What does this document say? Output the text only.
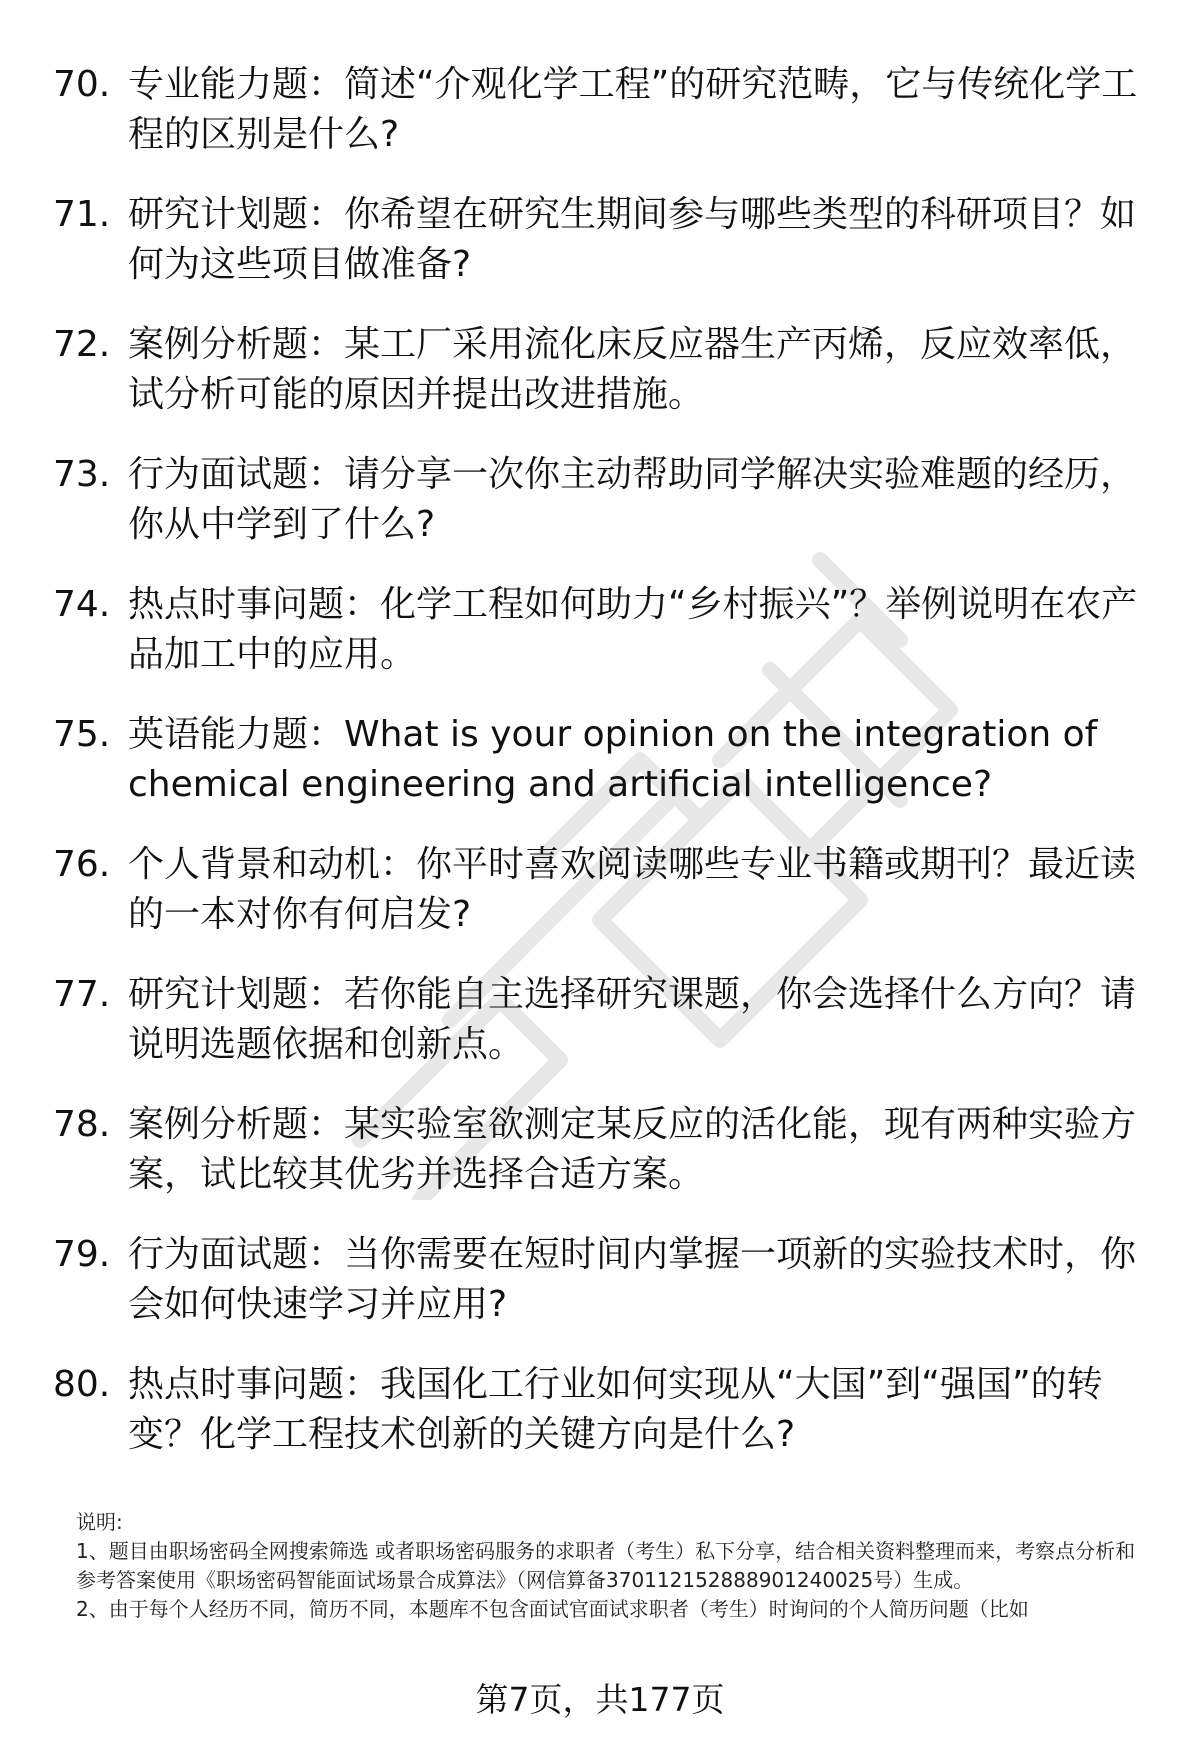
70. 专业能力题：简述“介观化学工程”的研究范畴，它与传统化学工程的区别是什么?
71. 研究计划题：你希望在研究生期间参与哪些类型的科研项目？如何为这些项目做准备?
72. 案例分析题：某工厂采用流化床反应器生产丙烯，反应效率低，试分析可能的原因并提出改进措施。
73. 行为面试题：请分享一次你主动帮助同学解决实验难题的经历，你从中学到了什么?
74. 热点时事问题：化学工程如何助力“乡村振兴”？举例说明在农产品加工中的应用。
75. 英语能力题：What is your opinion on the integration of chemical engineering and artificial intelligence?
76. 个人背景和动机：你平时喜欢阅读哪些专业书籍或期刊？最近读的一本对你有何启发?
77. 研究计划题：若你能自主选择研究课题，你会选择什么方向？请说明选题依据和创新点。
78. 案例分析题：某实验室欲测定某反应的活化能，现有两种实验方案，试比较其优劣并选择合适方案。
79. 行为面试题：当你需要在短时间内掌握一项新的实验技术时，你会如何快速学习并应用?
80. 热点时事问题：我国化工行业如何实现从“大国”到“强国”的转变？化学工程技术创新的关键方向是什么?

说明:

1、题目由职场密码全网搜索筛选 或者职场密码服务的求职者（考生）私下分享，结合相关资料整理而来，考察点分析和参考答案使用《职场密码智能面试场景合成算法》（网信算备370112152888901240025号）生成。

2、由于每个人经历不同，简历不同，本题库不包含面试官面试求职者（考生）时询问的个人简历问题（比如

第7页，共177页
